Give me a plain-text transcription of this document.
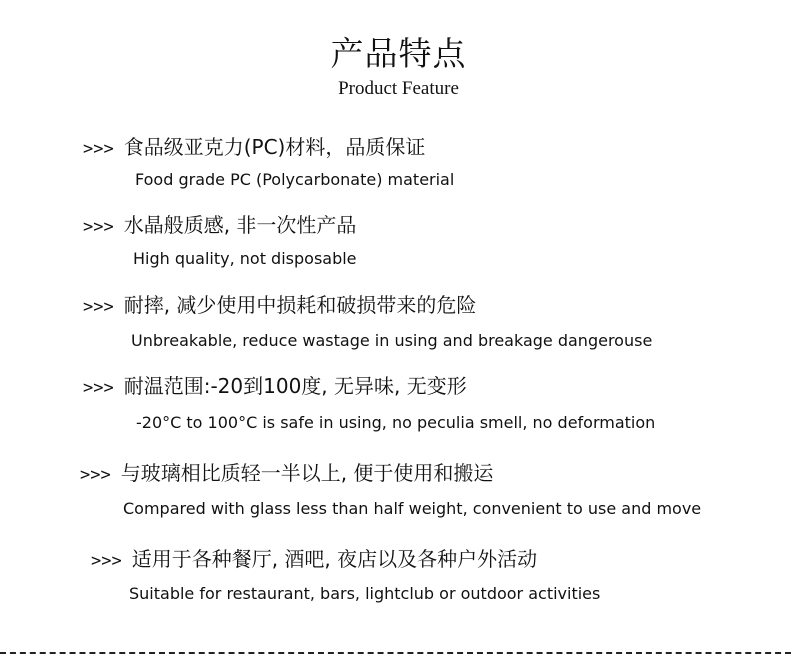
产品特点
Product Feature
>>> 食品级亚克力(PC)材料，品质保证
Food grade PC (Polycarbonate) material
>>> 水晶般质感, 非一次性产品
High quality, not disposable
>>> 耐摔, 减少使用中损耗和破损带来的危险
Unbreakable, reduce wastage in using and breakage dangerouse
>>> 耐温范围:-20到100度, 无异味, 无变形
-20°C to 100°C is safe in using, no peculia smell, no deformation
>>> 与玻璃相比质轻一半以上, 便于使用和搬运
Compared with glass less than half weight, convenient to use and move
>>> 适用于各种餐厅, 酒吧, 夜店以及各种户外活动
Suitable for restaurant, bars, lightclub or outdoor activities
